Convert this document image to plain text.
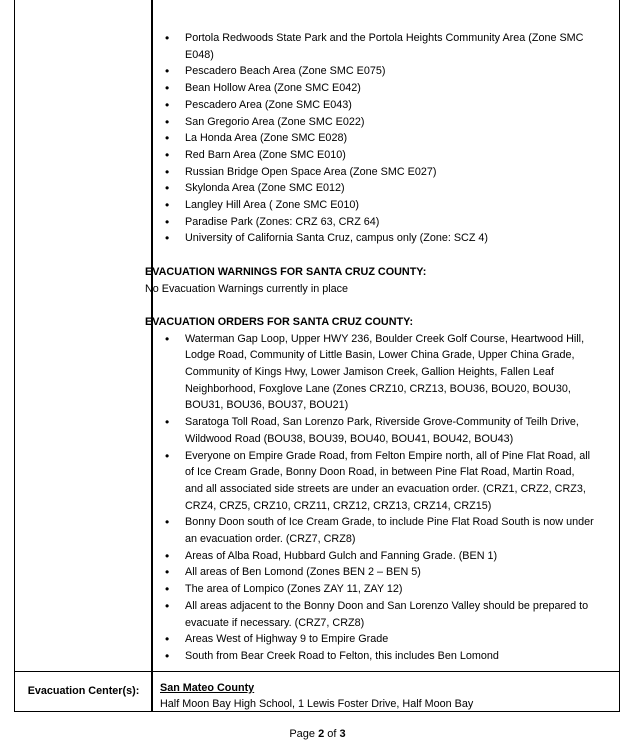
Evacuation Center(s):	San Mateo County
Half Moon Bay High School, 1 Lewis Foster Drive, Half Moon Bay
• Portola Redwoods State Park and the Portola Heights Community Area (Zone SMC E048)
• Pescadero Beach Area (Zone SMC E075)
• Bean Hollow Area (Zone SMC E042)
• Pescadero Area (Zone SMC E043)
• San Gregorio Area (Zone SMC E022)
• La Honda Area (Zone SMC E028)
• Red Barn Area (Zone SMC E010)
• Russian Bridge Open Space Area (Zone SMC E027)
• Skylonda Area (Zone SMC E012)
• Langley Hill Area ( Zone SMC E010)
• Paradise Park (Zones: CRZ 63, CRZ 64)
• University of California Santa Cruz, campus only (Zone: SCZ 4)
EVACUATION WARNINGS FOR SANTA CRUZ COUNTY:
No Evacuation Warnings currently in place
EVACUATION ORDERS FOR SANTA CRUZ COUNTY:
• Waterman Gap Loop, Upper HWY 236, Boulder Creek Golf Course, Heartwood Hill, Lodge Road, Community of Little Basin, Lower China Grade, Upper China Grade, Community of Kings Hwy, Lower Jamison Creek, Gallion Heights, Fallen Leaf Neighborhood, Foxglove Lane (Zones CRZ10, CRZ13, BOU36, BOU20, BOU30, BOU31, BOU36, BOU37, BOU21)
• Saratoga Toll Road, San Lorenzo Park, Riverside Grove-Community of Teilh Drive, Wildwood Road (BOU38, BOU39, BOU40, BOU41, BOU42, BOU43)
• Everyone on Empire Grade Road, from Felton Empire north, all of Pine Flat Road, all of Ice Cream Grade, Bonny Doon Road, in between Pine Flat Road, Martin Road, and all associated side streets are under an evacuation order. (CRZ1, CRZ2, CRZ3, CRZ4, CRZ5, CRZ10, CRZ11, CRZ12, CRZ13, CRZ14, CRZ15)
• Bonny Doon south of Ice Cream Grade, to include Pine Flat Road South is now under an evacuation order. (CRZ7, CRZ8)
• Areas of Alba Road, Hubbard Gulch and Fanning Grade. (BEN 1)
• All areas of Ben Lomond (Zones BEN 2 – BEN 5)
• The area of Lompico (Zones ZAY 11, ZAY 12)
• All areas adjacent to the Bonny Doon and San Lorenzo Valley should be prepared to evacuate if necessary. (CRZ7, CRZ8)
• Areas West of Highway 9 to Empire Grade
• South from Bear Creek Road to Felton, this includes Ben Lomond
Page 2 of 3
